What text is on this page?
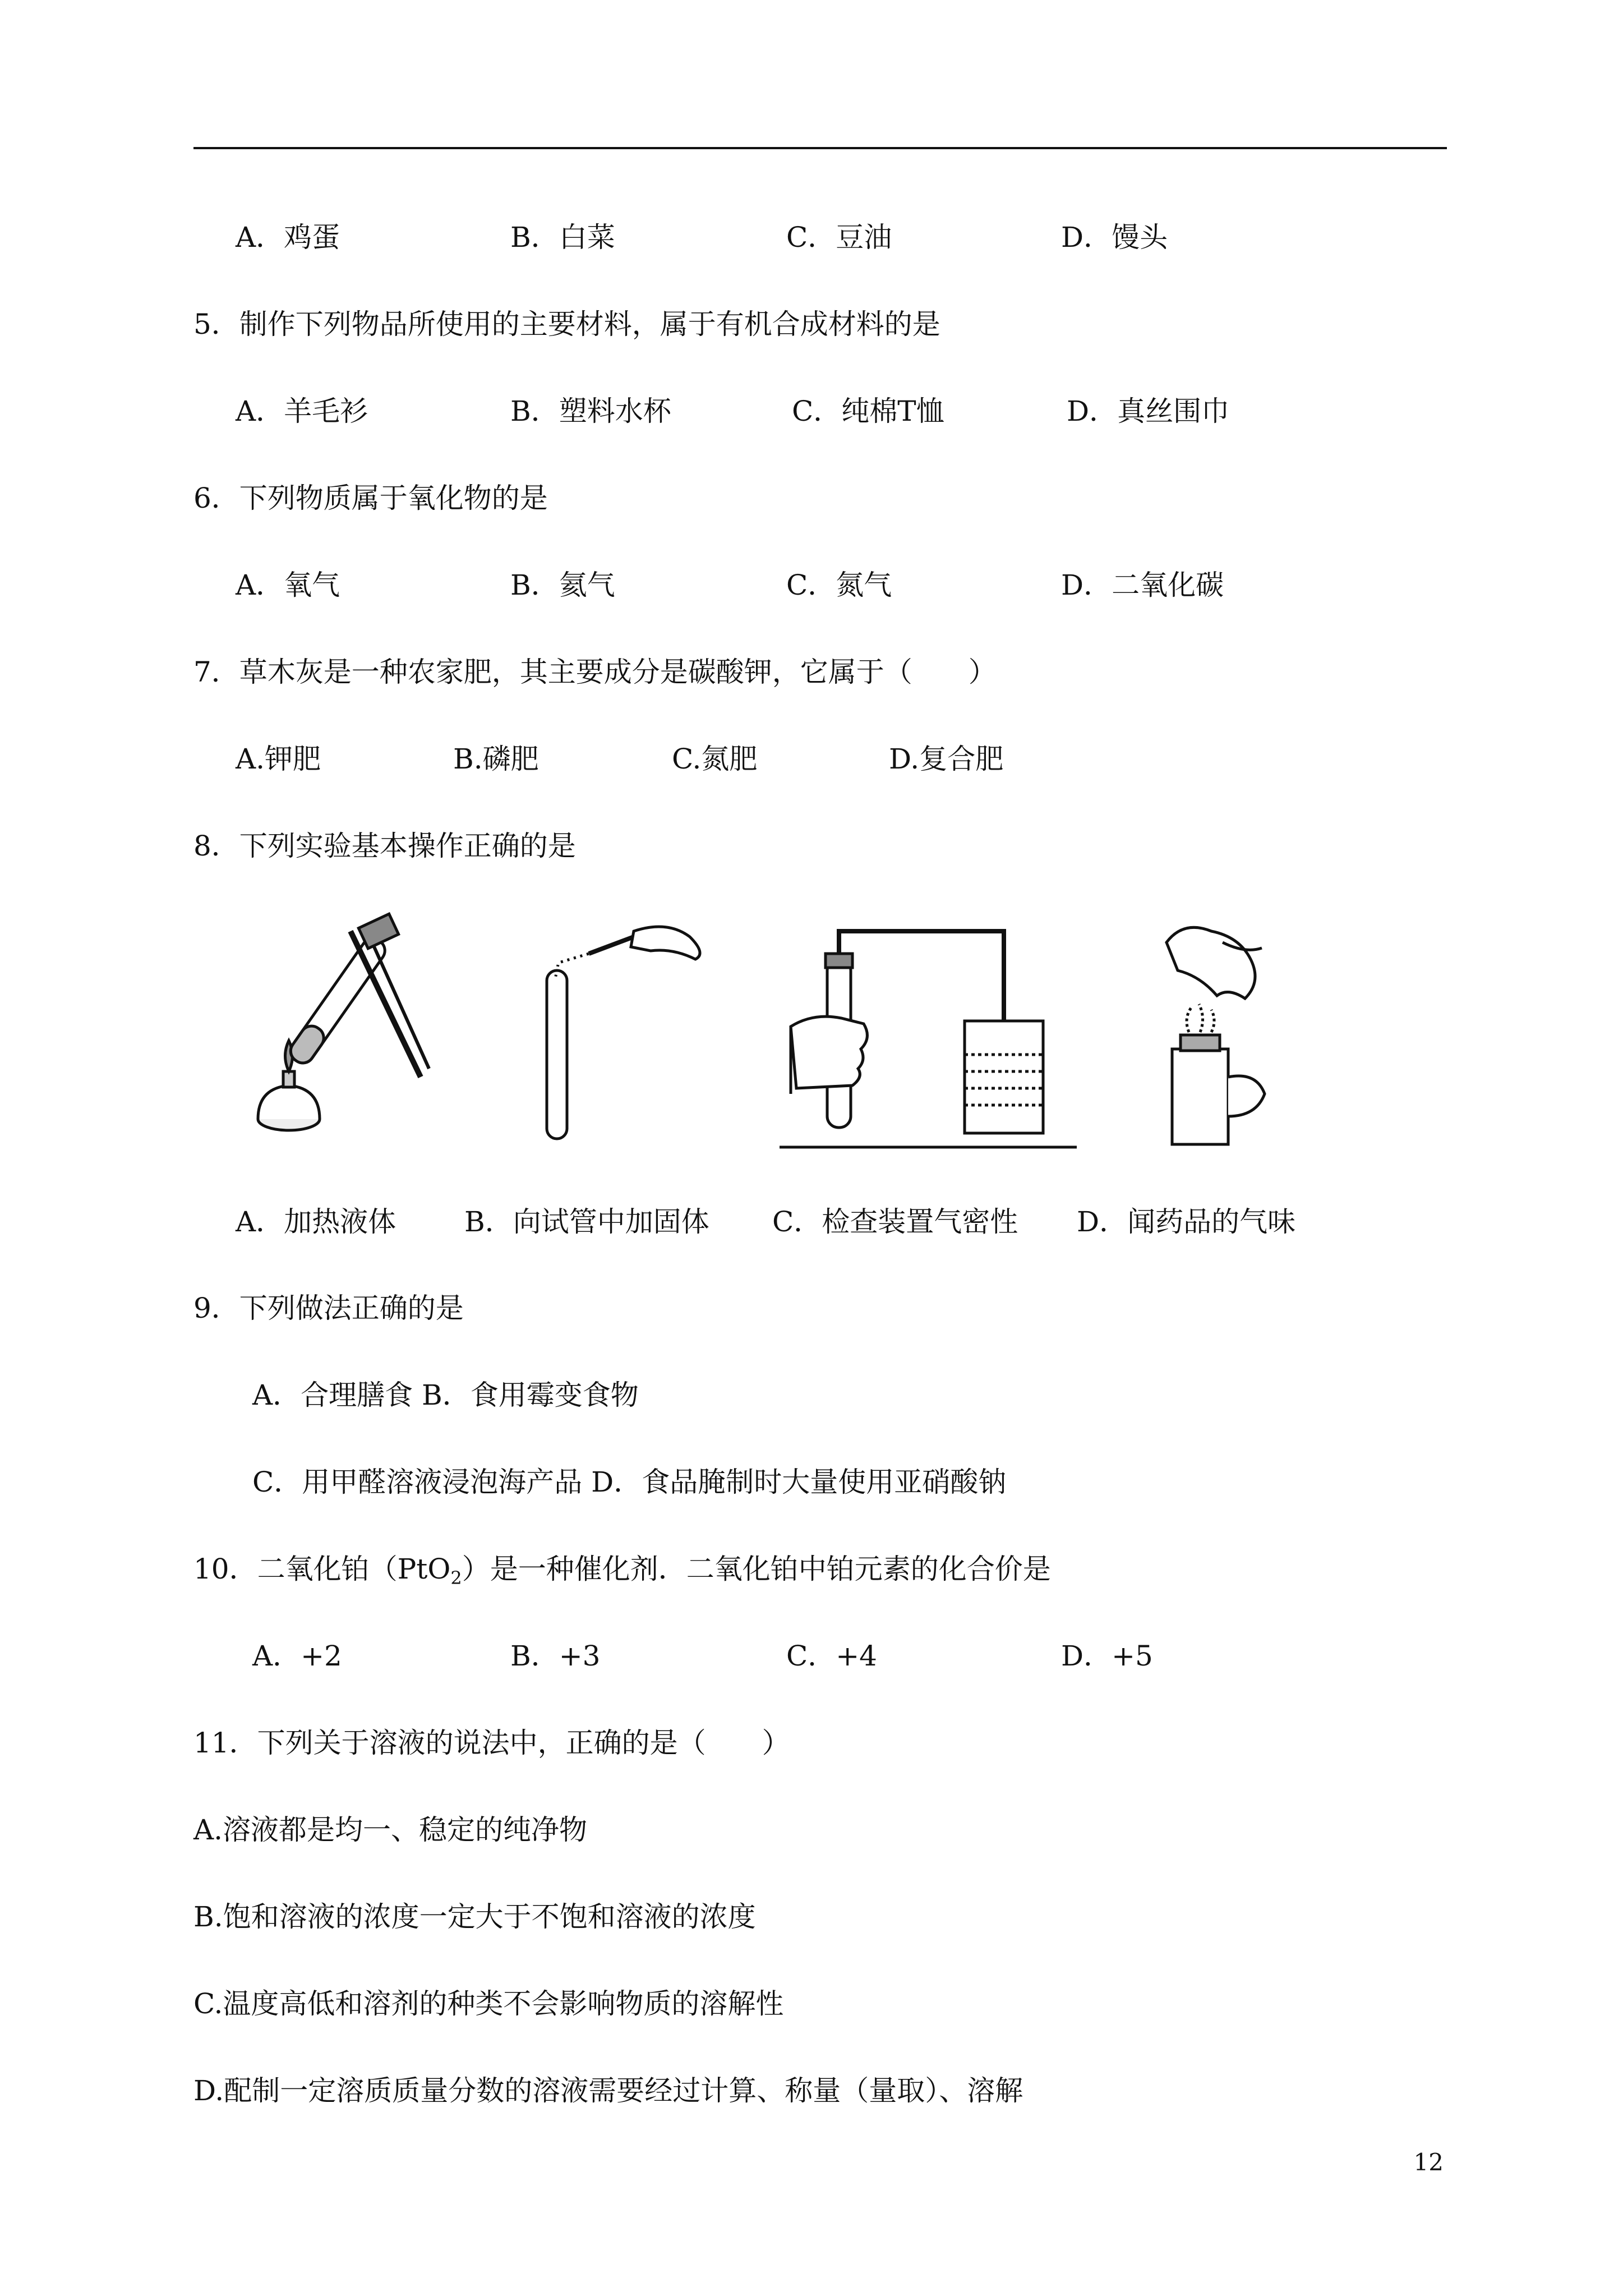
A．鸡蛋	B．白菜	C．豆油	D．馒头
5．制作下列物品所使用的主要材料，属于有机合成材料的是
A．羊毛衫	B．塑料水杯	C．纯棉T恤	D．真丝围巾
6．下列物质属于氧化物的是
A．氧气	B．氦气	C．氮气	D．二氧化碳
7．草木灰是一种农家肥，其主要成分是碳酸钾，它属于（　　）
A.钾肥	B.磷肥	C.氮肥	D.复合肥
8．下列实验基本操作正确的是
A．加热液体 B．向试管中加固体 C．检查装置气密性 D．闻药品的气味
9．下列做法正确的是
A．合理膳食 B．食用霉变食物
C．用甲醛溶液浸泡海产品 D．食品腌制时大量使用亚硝酸钠
10．二氧化铂（PtO$_2$）是一种催化剂．二氧化铂中铂元素的化合价是
A．+2	B．+3	C．+4	D．+5
11．下列关于溶液的说法中，正确的是（　　）
A.溶液都是均一、稳定的纯净物
B.饱和溶液的浓度一定大于不饱和溶液的浓度
C.温度高低和溶剂的种类不会影响物质的溶解性
D.配制一定溶质质量分数的溶液需要经过计算、称量（量取）、溶解
12
